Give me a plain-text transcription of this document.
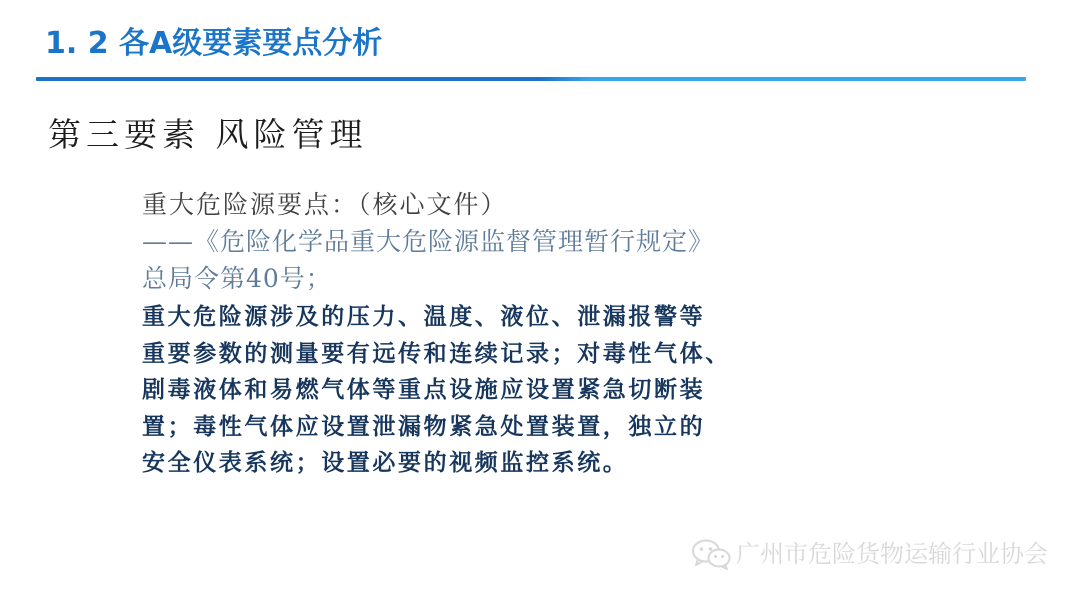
1. 2 各A级要素要点分析
第三要素 风险管理
重大危险源要点：（核心文件）
——《危险化学品重大危险源监督管理暂行规定》
总局令第40号；
重大危险源涉及的压力、温度、液位、泄漏报警等
重要参数的测量要有远传和连续记录；对毒性气体、
剧毒液体和易燃气体等重点设施应设置紧急切断装
置；毒性气体应设置泄漏物紧急处置装置，独立的
安全仪表系统；设置必要的视频监控系统。
广州市危险货物运输行业协会
